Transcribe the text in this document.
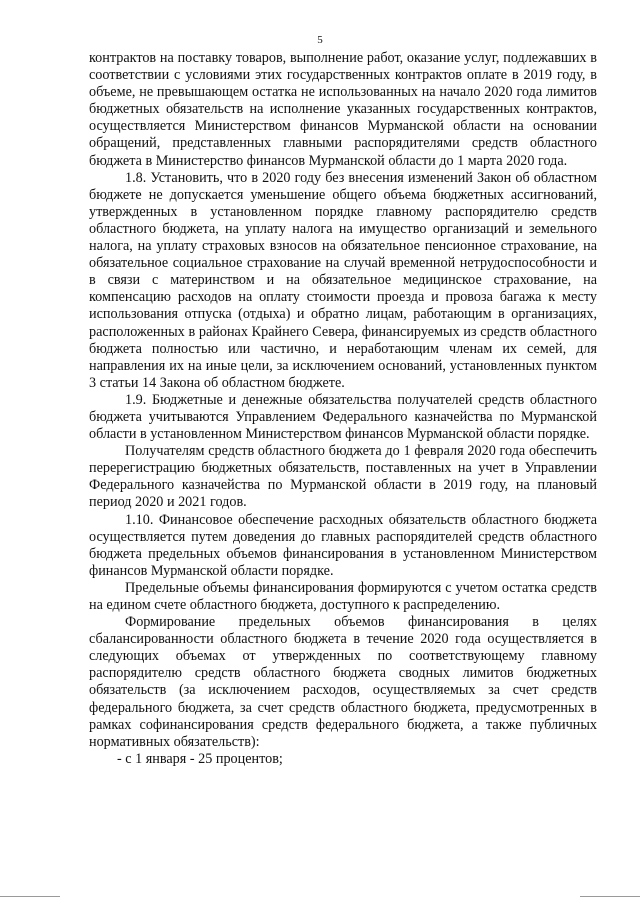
5

контрактов на поставку товаров, выполнение работ, оказание услуг, подлежавших в соответствии с условиями этих государственных контрактов оплате в 2019 году, в объеме, не превышающем остатка не использованных на начало 2020 года лимитов бюджетных обязательств на исполнение указанных государственных контрактов, осуществляется Министерством финансов Мурманской области на основании обращений, представленных главными распорядителями средств областного бюджета в Министерство финансов Мурманской области до 1 марта 2020 года.

1.8. Установить, что в 2020 году без внесения изменений Закон об областном бюджете не допускается уменьшение общего объема бюджетных ассигнований, утвержденных в установленном порядке главному распорядителю средств областного бюджета, на уплату налога на имущество организаций и земельного налога, на уплату страховых взносов на обязательное пенсионное страхование, на обязательное социальное страхование на случай временной нетрудоспособности и в связи с материнством и на обязательное медицинское страхование, на компенсацию расходов на оплату стоимости проезда и провоза багажа к месту использования отпуска (отдыха) и обратно лицам, работающим в организациях, расположенных в районах Крайнего Севера, финансируемых из средств областного бюджета полностью или частично, и неработающим членам их семей, для направления их на иные цели, за исключением оснований, установленных пунктом 3 статьи 14 Закона об областном бюджете.

1.9. Бюджетные и денежные обязательства получателей средств областного бюджета учитываются Управлением Федерального казначейства по Мурманской области в установленном Министерством финансов Мурманской области порядке.

Получателям средств областного бюджета до 1 февраля 2020 года обеспечить перерегистрацию бюджетных обязательств, поставленных на учет в Управлении Федерального казначейства по Мурманской области в 2019 году, на плановый период 2020 и 2021 годов.

1.10. Финансовое обеспечение расходных обязательств областного бюджета осуществляется путем доведения до главных распорядителей средств областного бюджета предельных объемов финансирования в установленном Министерством финансов Мурманской области порядке.

Предельные объемы финансирования формируются с учетом остатка средств на едином счете областного бюджета, доступного к распределению.

Формирование предельных объемов финансирования в целях сбалансированности областного бюджета в течение 2020 года осуществляется в следующих объемах от утвержденных по соответствующему главному распорядителю средств областного бюджета сводных лимитов бюджетных обязательств (за исключением расходов, осуществляемых за счет средств федерального бюджета, за счет средств областного бюджета, предусмотренных в рамках софинансирования средств федерального бюджета, а также публичных нормативных обязательств):

- с 1 января - 25 процентов;
